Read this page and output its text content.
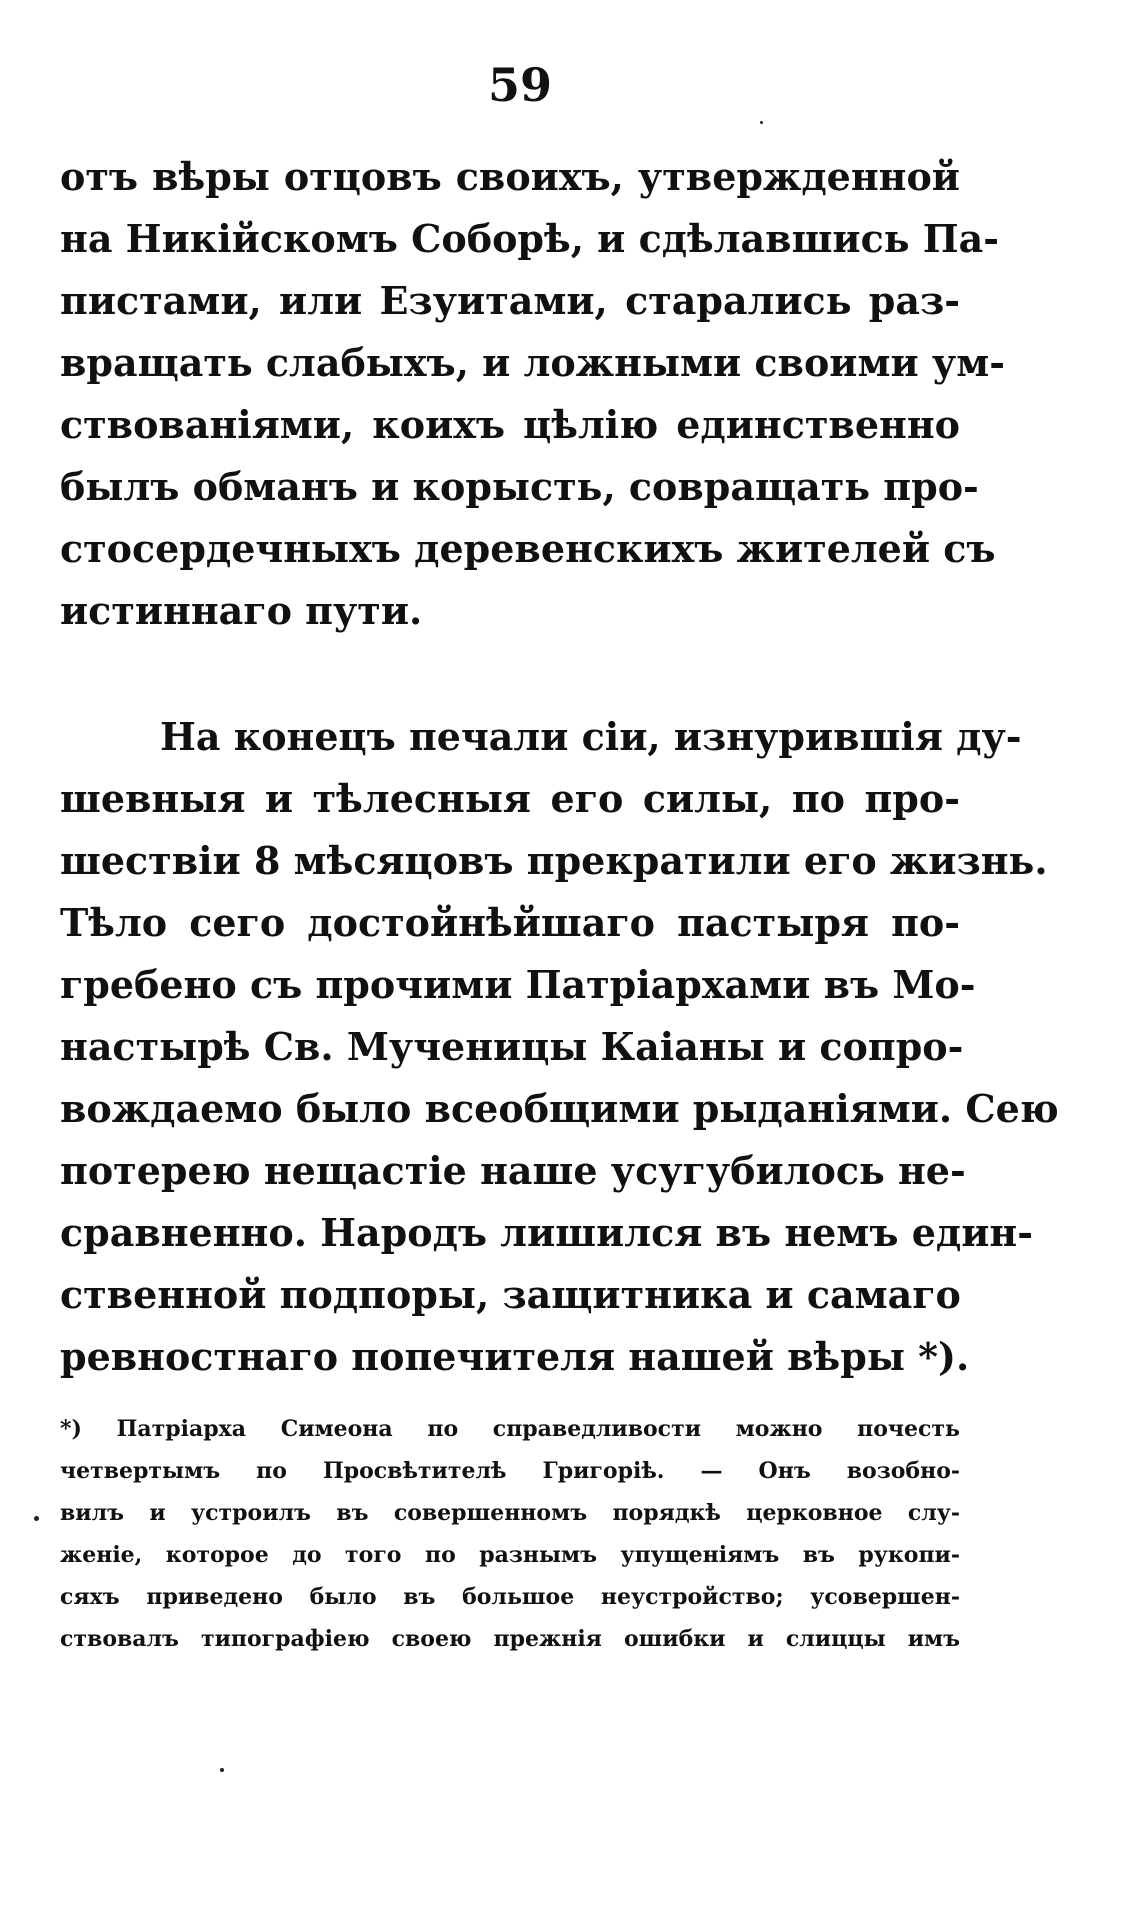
59
отъ вѣры отцовъ своихъ, утвержденной
на Никійскомъ Соборѣ, и сдѣлавшись Па-
пистами, или Езуитами, старались раз-
вращать слабыхъ, и ложными своими ум-
ствованіями, коихъ цѣлію единственно
былъ обманъ и корысть, совращать про-
стосердечныхъ деревенскихъ жителей съ
истиннаго пути.
На конецъ печали сіи, изнурившія ду-
шевныя и тѣлесныя его силы, по про-
шествіи 8 мѣсяцовъ прекратили его жизнь.
Тѣло сего достойнѣйшаго пастыря по-
гребено съ прочими Патріархами въ Мо-
настырѣ Св. Мученицы Каіаны и сопро-
вождаемо было всеобщими рыданіями. Сею
потерею нещастіе наше усугубилось не-
сравненно. Народъ лишился въ немъ един-
ственной подпоры, защитника и самаго
ревностнаго попечителя нашей вѣры *).
*) Патріарха Симеона по справедливости можно почесть
четвертымъ по Просвѣтителѣ Григоріѣ. — Онъ возобно-
вилъ и устроилъ въ совершенномъ порядкѣ церковное слу-
женіе, которое до того по разнымъ упущеніямъ въ рукопи-
сяхъ приведено было въ большое неустройство; усовершен-
ствовалъ типографіею своею прежнія ошибки и слиццы имъ
